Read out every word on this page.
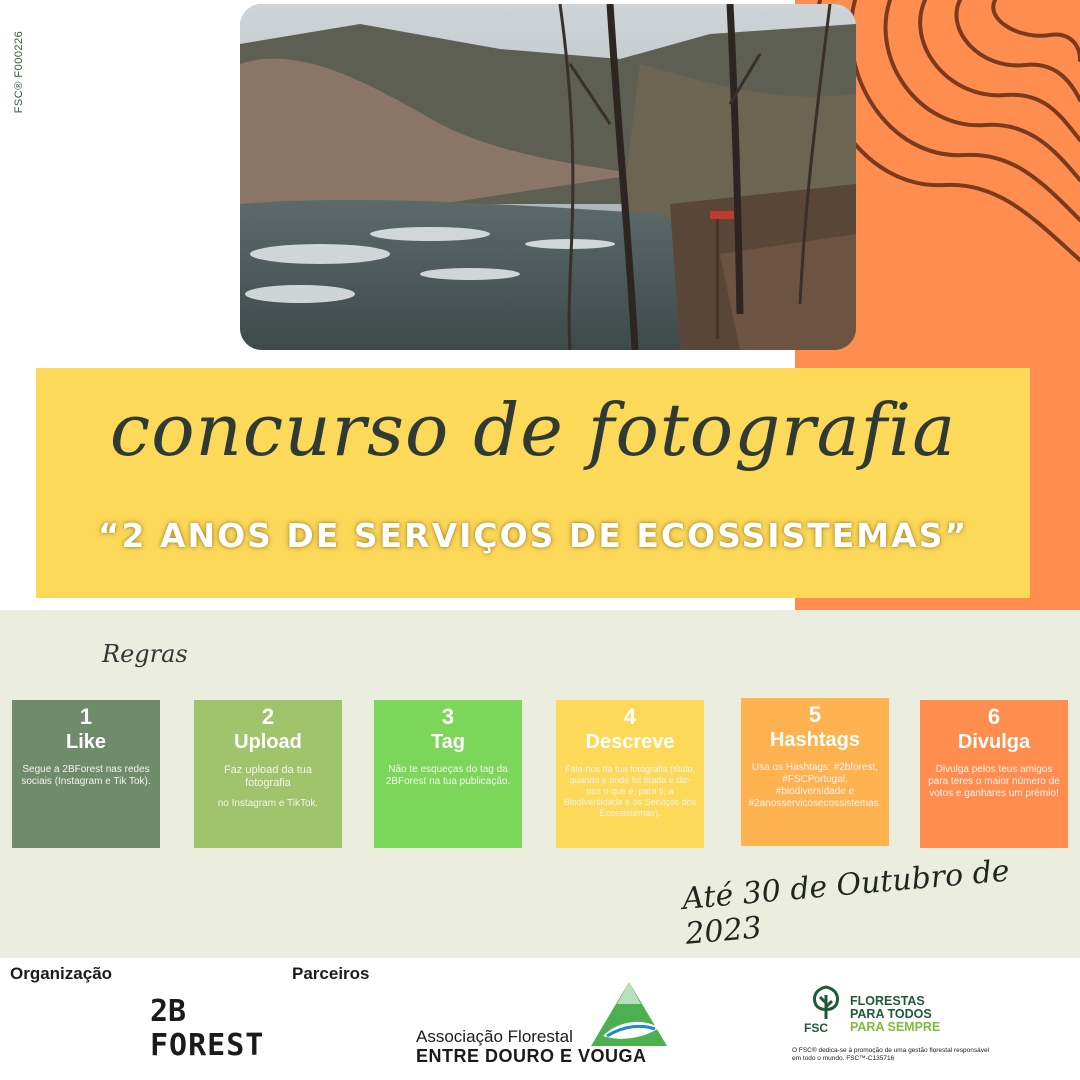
FSC® F000226
concurso de fotografia
“2 ANOS DE SERVIÇOS DE ECOSSISTEMAS”
Regras
1
Like
Segue a 2BForest nas redes sociais (Instagram e Tik Tok).
2
Upload
Faz upload da tua fotografia
no Instagram e TikTok.
3
Tag
Não te esqueças do tag da 2BForest na tua publicação.
4
Descreve
Fala-nos da tua fotografia (título, quando e onde foi tirada e diz-nos o que é, para ti, a Biodiversidade e os Serviços dos Ecossistemas).
5
Hashtags
Usa os Hashtags: #2bforest, #FSCPortugal, #biodiversidade e #2anosservicosecossistemas.
6
Divulga
Divulga pelos teus amigos para teres o maior número de votos e ganhares um prémio!
Até 30 de Outubro de 2023
Organização	Parceiros
2B
FOREST	Associação Florestal
ENTRE DOURO E VOUGA
FSC
FLORESTAS
PARA TODOS
PARA SEMPRE
O FSC® dedica-se à promoção de uma gestão florestal responsável em todo o mundo. FSC™-C135716
